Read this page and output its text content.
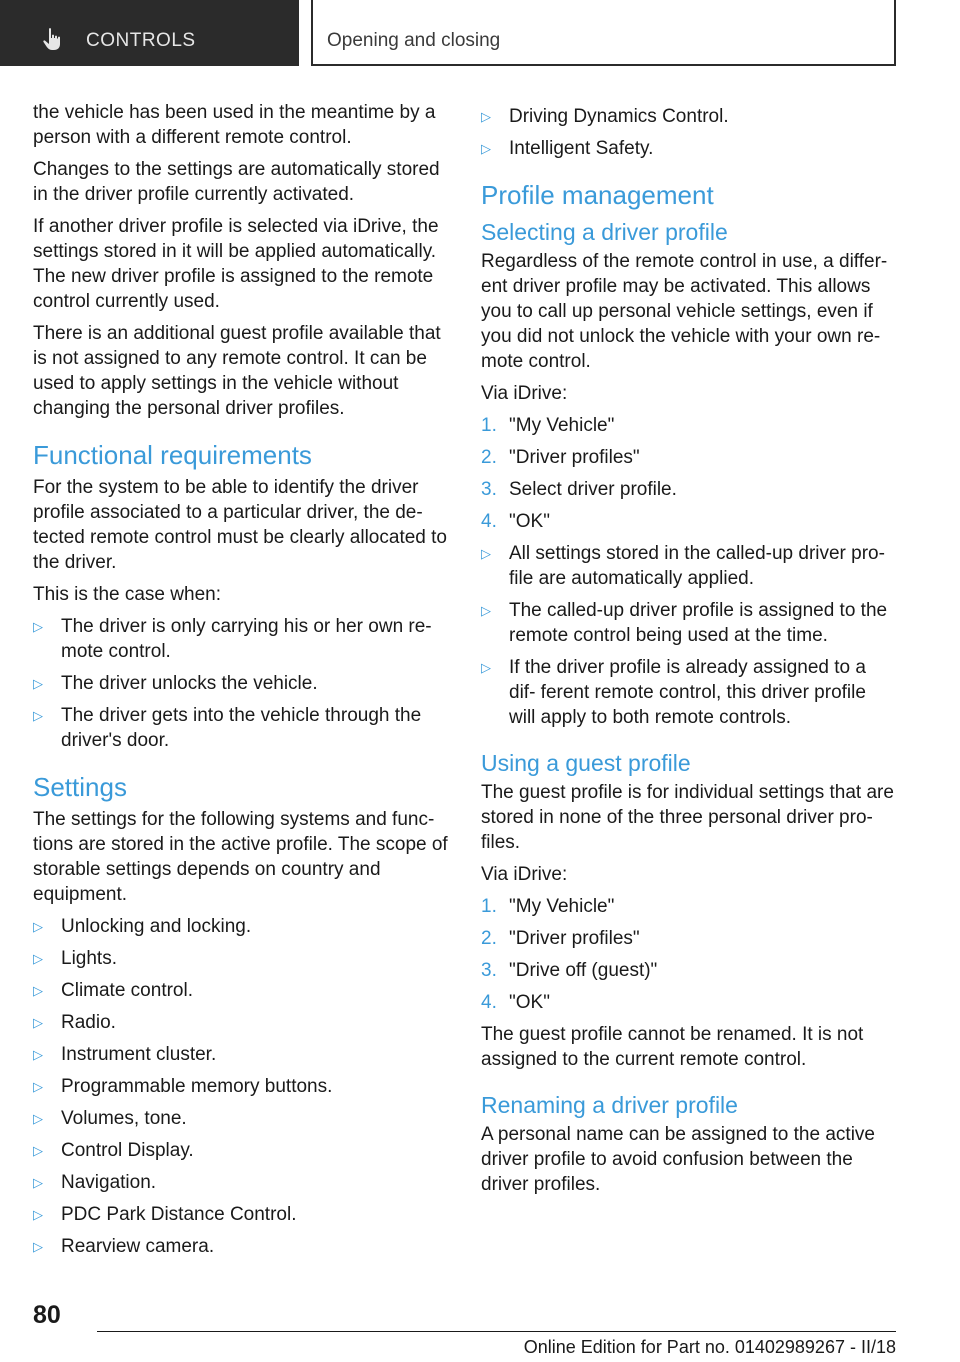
CONTROLS	Opening and closing

the vehicle has been used in the meantime by a person with a different remote control.

Changes to the settings are automatically stored in the driver profile currently activated.

If another driver profile is selected via iDrive, the settings stored in it will be applied automatically. The new driver profile is assigned to the remote control currently used.

There is an additional guest profile available that is not assigned to any remote control. It can be used to apply settings in the vehicle without changing the personal driver profiles.

Functional requirements

For the system to be able to identify the driver profile associated to a particular driver, the de‐ tected remote control must be clearly allocated to the driver.

This is the case when:

▷ The driver is only carrying his or her own re‐ mote control.
▷ The driver unlocks the vehicle.
▷ The driver gets into the vehicle through the driver's door.
Settings

The settings for the following systems and func‐ tions are stored in the active profile. The scope of storable settings depends on country and equipment.

▷ Unlocking and locking.
▷ Lights.
▷ Climate control.
▷ Radio.
▷ Instrument cluster.
▷ Programmable memory buttons.
▷ Volumes, tone.
▷ Control Display.
▷ Navigation.
▷ PDC Park Distance Control.
▷ Rearview camera.
▷ Driving Dynamics Control.
▷ Intelligent Safety.
Profile management
Selecting a driver profile

Regardless of the remote control in use, a differ‐ ent driver profile may be activated. This allows you to call up personal vehicle settings, even if you did not unlock the vehicle with your own re‐ mote control.

Via iDrive:

1. "My Vehicle"
2. "Driver profiles"
3. Select driver profile.
4. "OK"
▷ All settings stored in the called-up driver pro‐ file are automatically applied.
▷ The called-up driver profile is assigned to the remote control being used at the time.
▷ If the driver profile is already assigned to a dif‐ ferent remote control, this driver profile will apply to both remote controls.
Using a guest profile

The guest profile is for individual settings that are stored in none of the three personal driver pro‐ files.

Via iDrive:

1. "My Vehicle"
2. "Driver profiles"
3. "Drive off (guest)"
4. "OK"

The guest profile cannot be renamed. It is not assigned to the current remote control.

Renaming a driver profile

A personal name can be assigned to the active driver profile to avoid confusion between the driver profiles.

80
Online Edition for Part no. 01402989267 - II/18
